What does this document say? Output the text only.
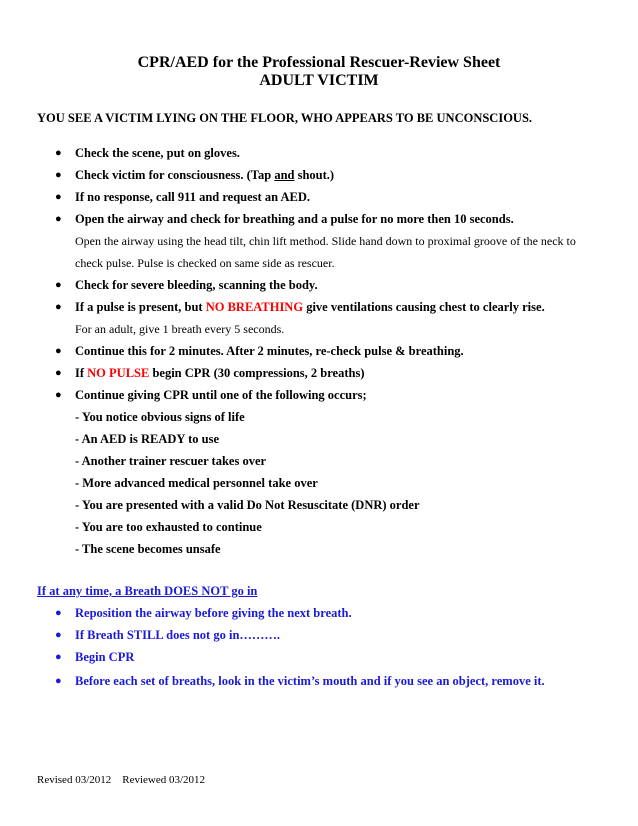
CPR/AED for the Professional Rescuer-Review Sheet
ADULT VICTIM

YOU SEE A VICTIM LYING ON THE FLOOR, WHO APPEARS TO BE UNCONSCIOUS.

● Check the scene, put on gloves.

● Check victim for consciousness. (Tap and shout.)

● If no response, call 911 and request an AED.

● Open the airway and check for breathing and a pulse for no more then 10 seconds.

Open the airway using the head tilt, chin lift method. Slide hand down to proximal groove of the neck to

check pulse. Pulse is checked on same side as rescuer.

● Check for severe bleeding, scanning the body.

● If a pulse is present, but NO BREATHING give ventilations causing chest to clearly rise.

For an adult, give 1 breath every 5 seconds.

● Continue this for 2 minutes. After 2 minutes, re-check pulse & breathing.

● If NO PULSE begin CPR (30 compressions, 2 breaths)

● Continue giving CPR until one of the following occurs;

- You notice obvious signs of life

- An AED is READY to use

- Another trainer rescuer takes over

- More advanced medical personnel take over

- You are presented with a valid Do Not Resuscitate (DNR) order

- You are too exhausted to continue

- The scene becomes unsafe

If at any time, a Breath DOES NOT go in

● Reposition the airway before giving the next breath.

● If Breath STILL does not go in……….

● Begin CPR

● Before each set of breaths, look in the victim’s mouth and if you see an object, remove it.

Revised 03/2012 Reviewed 03/2012
